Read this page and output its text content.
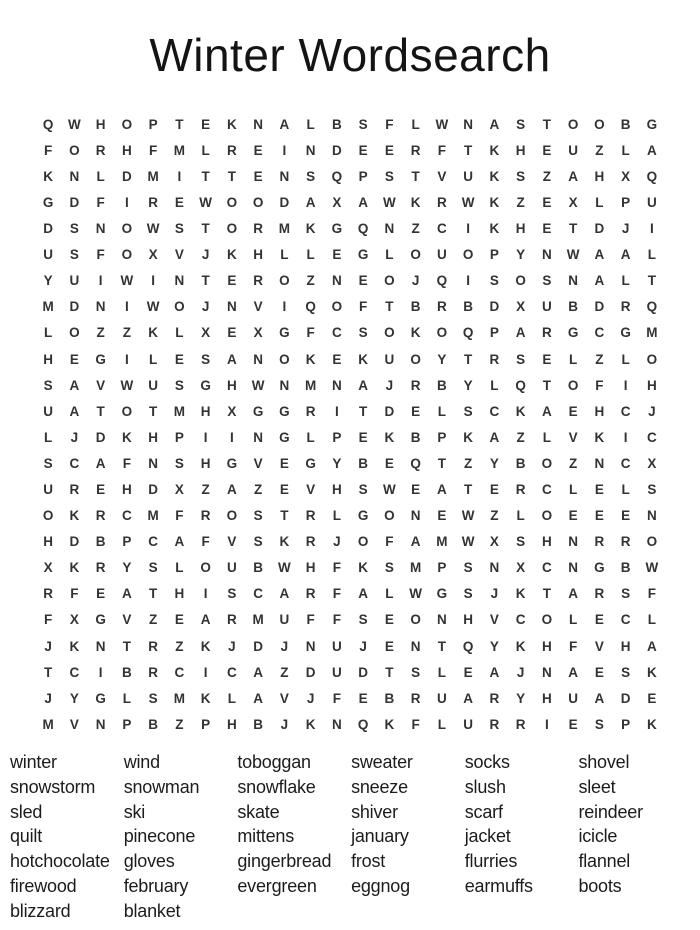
Winter Wordsearch
Q	W	H	O	P	T	E	K	N	A	L	B	S	F	L	W	N	A	S	T	O	O	B	G
F	O	R	H	F	M	L	R	E	I	N	D	E	E	R	F	T	K	H	E	U	Z	L	A
K	N	L	D	M	I	T	T	E	N	S	Q	P	S	T	V	U	K	S	Z	A	H	X	Q
G	D	F	I	R	E	W	O	O	D	A	X	A	W	K	R	W	K	Z	E	X	L	P	U
D	S	N	O	W	S	T	O	R	M	K	G	Q	N	Z	C	I	K	H	E	T	D	J	I
U	S	F	O	X	V	J	K	H	L	L	E	G	L	O	U	O	P	Y	N	W	A	A	L
Y	U	I	W	I	N	T	E	R	O	Z	N	E	O	J	Q	I	S	O	S	N	A	L	T
M	D	N	I	W	O	J	N	V	I	Q	O	F	T	B	R	B	D	X	U	B	D	R	Q
L	O	Z	Z	K	L	X	E	X	G	F	C	S	O	K	O	Q	P	A	R	G	C	G	M
H	E	G	I	L	E	S	A	N	O	K	E	K	U	O	Y	T	R	S	E	L	Z	L	O
S	A	V	W	U	S	G	H	W	N	M	N	A	J	R	B	Y	L	Q	T	O	F	I	H
U	A	T	O	T	M	H	X	G	G	R	I	T	D	E	L	S	C	K	A	E	H	C	J
L	J	D	K	H	P	I	I	N	G	L	P	E	K	B	P	K	A	Z	L	V	K	I	C
S	C	A	F	N	S	H	G	V	E	G	Y	B	E	Q	T	Z	Y	B	O	Z	N	C	X
U	R	E	H	D	X	Z	A	Z	E	V	H	S	W	E	A	T	E	R	C	L	E	L	S
O	K	R	C	M	F	R	O	S	T	R	L	G	O	N	E	W	Z	L	O	E	E	E	N
H	D	B	P	C	A	F	V	S	K	R	J	O	F	A	M	W	X	S	H	N	R	R	O
X	K	R	Y	S	L	O	U	B	W	H	F	K	S	M	P	S	N	X	C	N	G	B	W
R	F	E	A	T	H	I	S	C	A	R	F	A	L	W	G	S	J	K	T	A	R	S	F
F	X	G	V	Z	E	A	R	M	U	F	F	S	E	O	N	H	V	C	O	L	E	C	L
J	K	N	T	R	Z	K	J	D	J	N	U	J	E	N	T	Q	Y	K	H	F	V	H	A
T	C	I	B	R	C	I	C	A	Z	D	U	D	T	S	L	E	A	J	N	A	E	S	K
J	Y	G	L	S	M	K	L	A	V	J	F	E	B	R	U	A	R	Y	H	U	A	D	E
M	V	N	P	B	Z	P	H	B	J	K	N	Q	K	F	L	U	R	R	I	E	S	P	K
winter
snowstorm
sled
quilt
hotchocolate
firewood
blizzard
wind
snowman
ski
pinecone
gloves
february
blanket
toboggan
snowflake
skate
mittens
gingerbread
evergreen
sweater
sneeze
shiver
january
frost
eggnog
socks
slush
scarf
jacket
flurries
earmuffs
shovel
sleet
reindeer
icicle
flannel
boots
